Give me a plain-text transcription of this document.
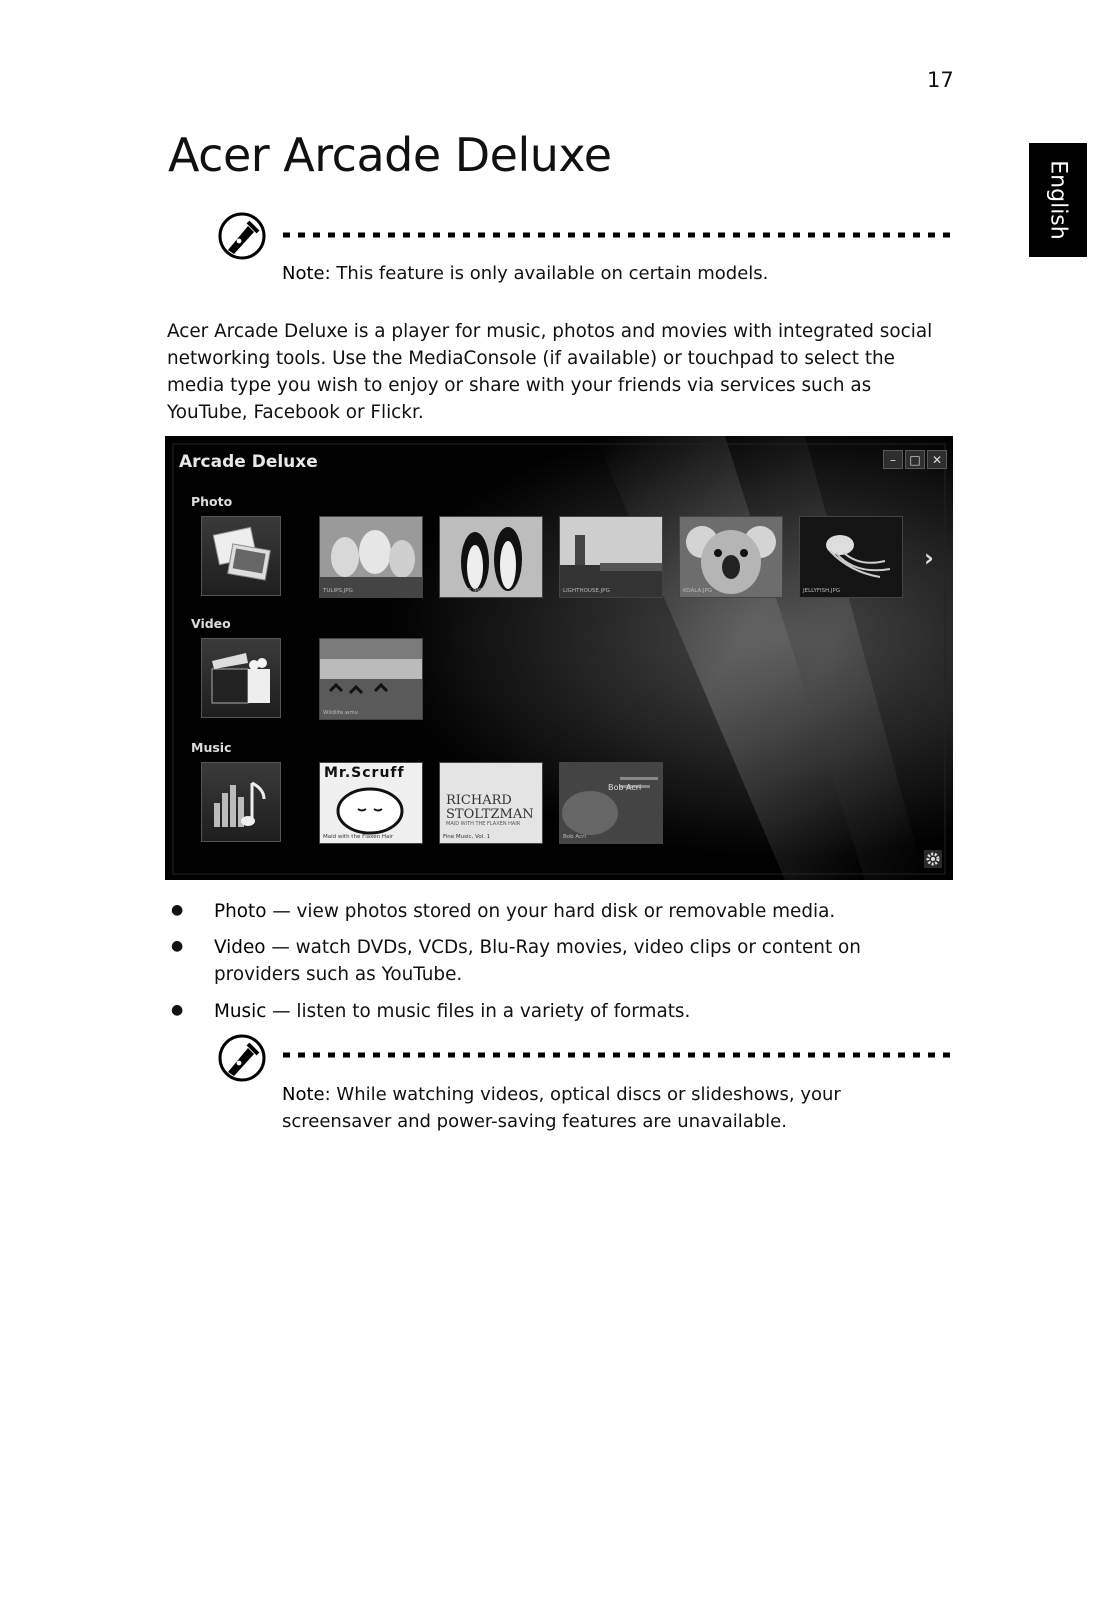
17
Acer Arcade Deluxe
English
Note: This feature is only available on certain models.
Acer Arcade Deluxe is a player for music, photos and movies with integrated social networking tools. Use the MediaConsole (if available) or touchpad to select the media type you wish to enjoy or share with your friends via services such as YouTube, Facebook or Flickr.
Arcade Deluxe	–	□ ✕
Photo
TULIPS.JPG	PENGUINS.JPG	LIGHTHOUSE.JPG	KOALA.JPG	JELLYFISH.JPG
›
Video
Wildlife.wmv
Music
Mr.Scruff
Maid with the Flaxen Hair
RICHARD
STOLTZMAN
MAID WITH THE FLAXEN HAIR
Fine Music, Vol. 1
Bob Acri
Bob Acri
● Photo — view photos stored on your hard disk or removable media.
● Video — watch DVDs, VCDs, Blu-Ray movies, video clips or content on providers such as YouTube.
● Music — listen to music files in a variety of formats.
Note: While watching videos, optical discs or slideshows, your screensaver and power-saving features are unavailable.
